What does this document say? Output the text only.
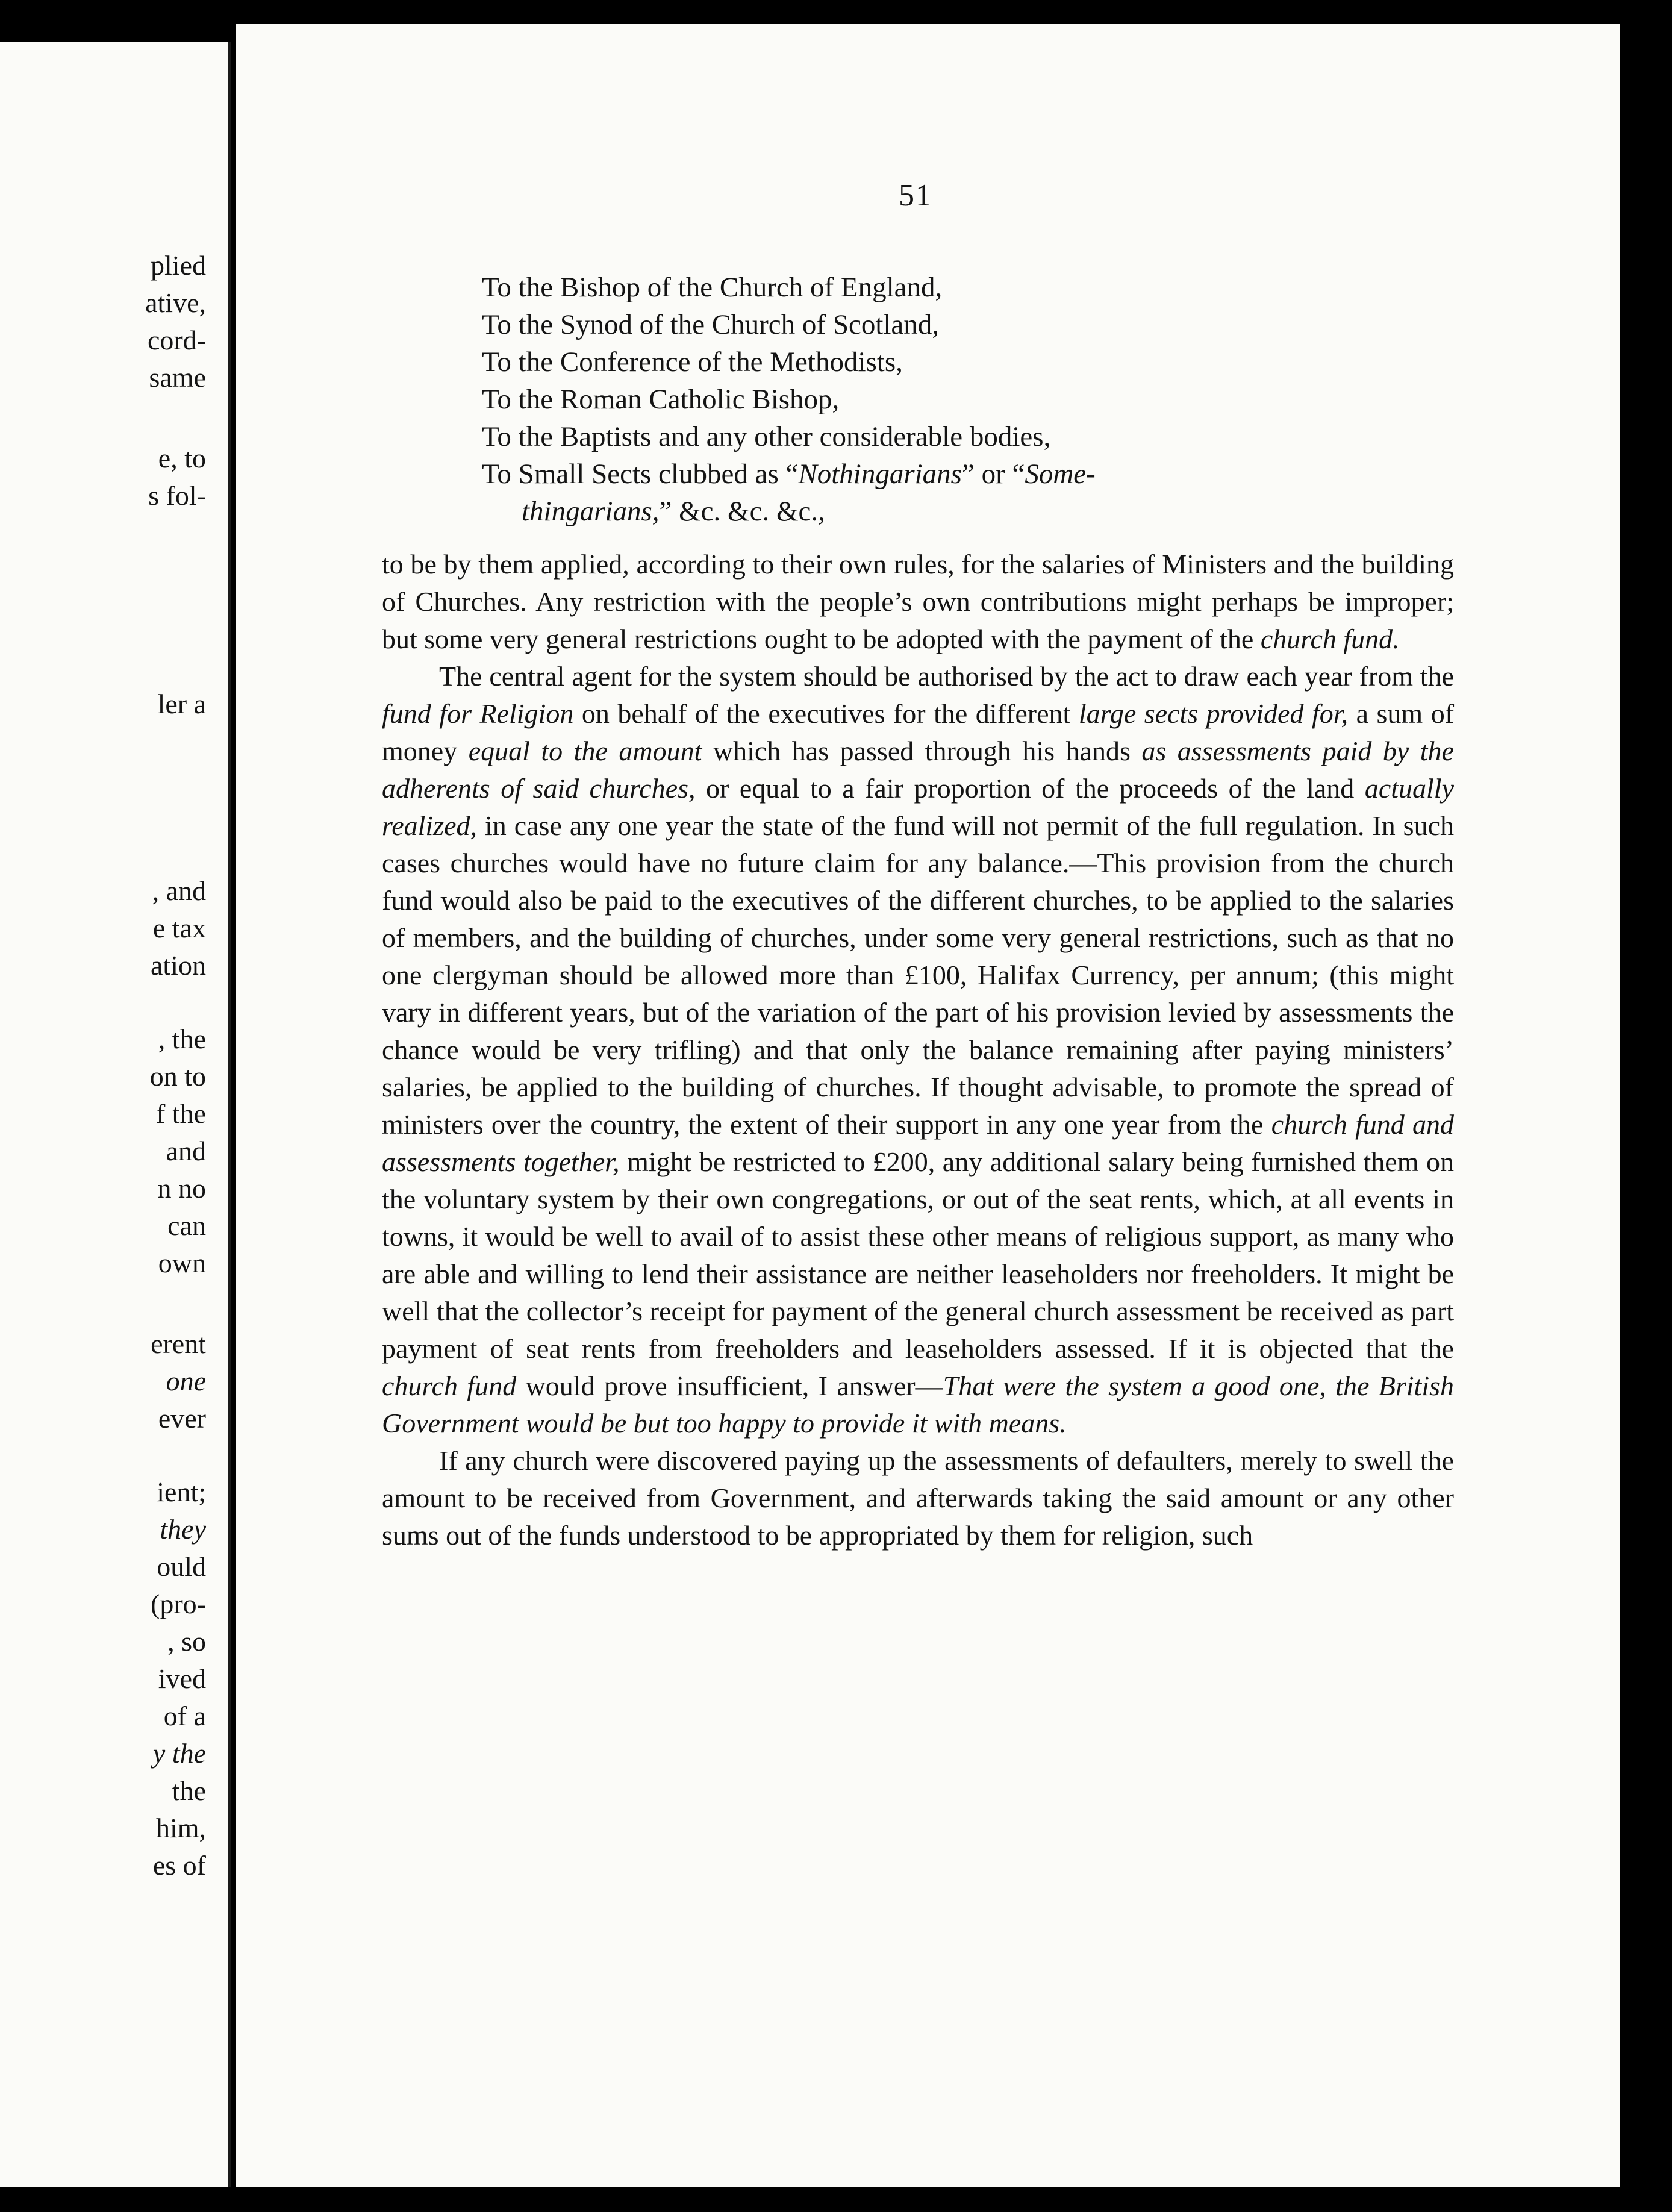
plied
ative,
cord-
same
e, to
s fol-
ler a
, and
e tax
ation
, the
on to
f the
and
n no
can
own
erent
one
ever
ient;
they
ould
(pro-
, so
ived
of a
y the
the
him,
es of
51
To the Bishop of the Church of England,
To the Synod of the Church of Scotland,
To the Conference of the Methodists,
To the Roman Catholic Bishop,
To the Baptists and any other considerable bodies,
To Small Sects clubbed as “Nothingarians” or “Some-
thingarians,” &c. &c. &c.,

to be by them applied, according to their own rules, for the salaries of Ministers and the building of Churches. Any restriction with the people’s own contributions might perhaps be improper; but some very general restrictions ought to be adopted with the payment of the church fund.

The central agent for the system should be authorised by the act to draw each year from the fund for Religion on behalf of the executives for the different large sects provided for, a sum of money equal to the amount which has passed through his hands as assessments paid by the adherents of said churches, or equal to a fair proportion of the proceeds of the land actually realized, in case any one year the state of the fund will not permit of the full regulation. In such cases churches would have no future claim for any balance.—This provision from the church fund would also be paid to the executives of the different churches, to be applied to the salaries of members, and the building of churches, under some very general restrictions, such as that no one clergyman should be allowed more than £100, Halifax Currency, per annum; (this might vary in different years, but of the variation of the part of his provision levied by assessments the chance would be very trifling) and that only the balance remaining after paying ministers’ salaries, be applied to the building of churches. If thought advisable, to promote the spread of ministers over the country, the extent of their support in any one year from the church fund and assessments together, might be restricted to £200, any additional salary being furnished them on the voluntary system by their own congregations, or out of the seat rents, which, at all events in towns, it would be well to avail of to assist these other means of religious support, as many who are able and willing to lend their assistance are neither leaseholders nor freeholders. It might be well that the collector’s receipt for payment of the general church assessment be received as part payment of seat rents from freeholders and leaseholders assessed. If it is objected that the church fund would prove insufficient, I answer—That were the system a good one, the British Government would be but too happy to provide it with means.

If any church were discovered paying up the assessments of defaulters, merely to swell the amount to be received from Government, and afterwards taking the said amount or any other sums out of the funds understood to be appropriated by them for religion, such
